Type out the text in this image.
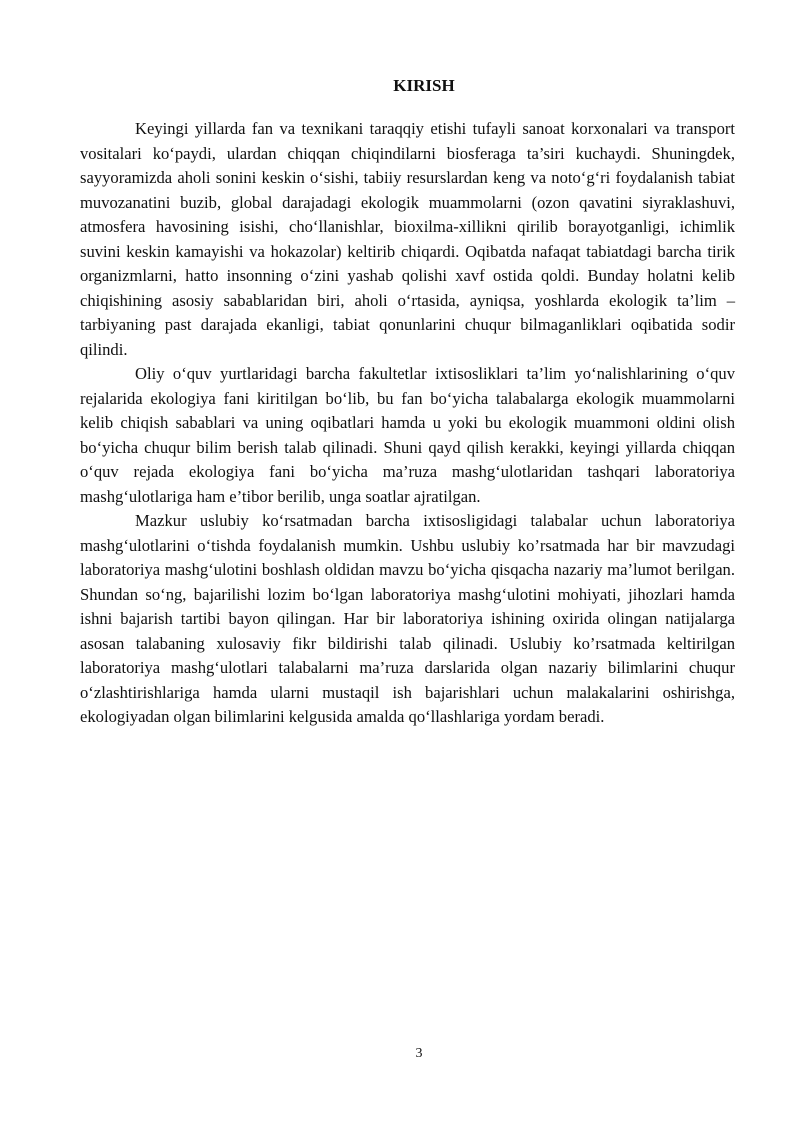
KIRISH

Keyingi yillarda fan va texnikani taraqqiy etishi tufayli sanoat korxonalari va transport vositalari ko‘paydi, ulardan chiqqan chiqindilarni biosferaga ta’siri kuchaydi. Shuningdek, sayyoramizda aholi sonini keskin o‘sishi, tabiiy resurslardan keng va noto‘g‘ri foydalanish tabiat muvozanatini buzib, global darajadagi ekologik muammolarni (ozon qavatini siyraklashuvi, atmosfera havosining isishi, cho‘llanishlar, bioxilma-xillikni qirilib borayotganligi, ichimlik suvini keskin kamayishi va hokazolar) keltirib chiqardi. Oqibatda nafaqat tabiatdagi barcha tirik organizmlarni, hatto insonning o‘zini yashab qolishi xavf ostida qoldi. Bunday holatni kelib chiqishining asosiy sabablaridan biri, aholi o‘rtasida, ayniqsa, yoshlarda ekologik ta’lim – tarbiyaning past darajada ekanligi, tabiat qonunlarini chuqur bilmaganliklari oqibatida sodir qilindi.

Oliy o‘quv yurtlaridagi barcha fakultetlar ixtisosliklari ta’lim yo‘nalishlarining o‘quv rejalarida ekologiya fani kiritilgan bo‘lib, bu fan bo‘yicha talabalarga ekologik muammolarni kelib chiqish sabablari va uning oqibatlari hamda u yoki bu ekologik muammoni oldini olish bo‘yicha chuqur bilim berish talab qilinadi. Shuni qayd qilish kerakki, keyingi yillarda chiqqan o‘quv rejada ekologiya fani bo‘yicha ma’ruza mashg‘ulotlaridan tashqari laboratoriya mashg‘ulotlariga ham e’tibor berilib, unga soatlar ajratilgan.

Mazkur uslubiy ko‘rsatmadan barcha ixtisosligidagi talabalar uchun laboratoriya mashg‘ulotlarini o‘tishda foydalanish mumkin. Ushbu uslubiy ko’rsatmada har bir mavzudagi laboratoriya mashg‘ulotini boshlash oldidan mavzu bo‘yicha qisqacha nazariy ma’lumot berilgan. Shundan so‘ng, bajarilishi lozim bo‘lgan laboratoriya mashg‘ulotini mohiyati, jihozlari hamda ishni bajarish tartibi bayon qilingan. Har bir laboratoriya ishining oxirida olingan natijalarga asosan talabaning xulosaviy fikr bildirishi talab qilinadi. Uslubiy ko’rsatmada keltirilgan laboratoriya mashg‘ulotlari talabalarni ma’ruza darslarida olgan nazariy bilimlarini chuqur o‘zlashtirishlariga hamda ularni mustaqil ish bajarishlari uchun malakalarini oshirishga, ekologiyadan olgan bilimlarini kelgusida amalda qo‘llashlariga yordam beradi.

3
